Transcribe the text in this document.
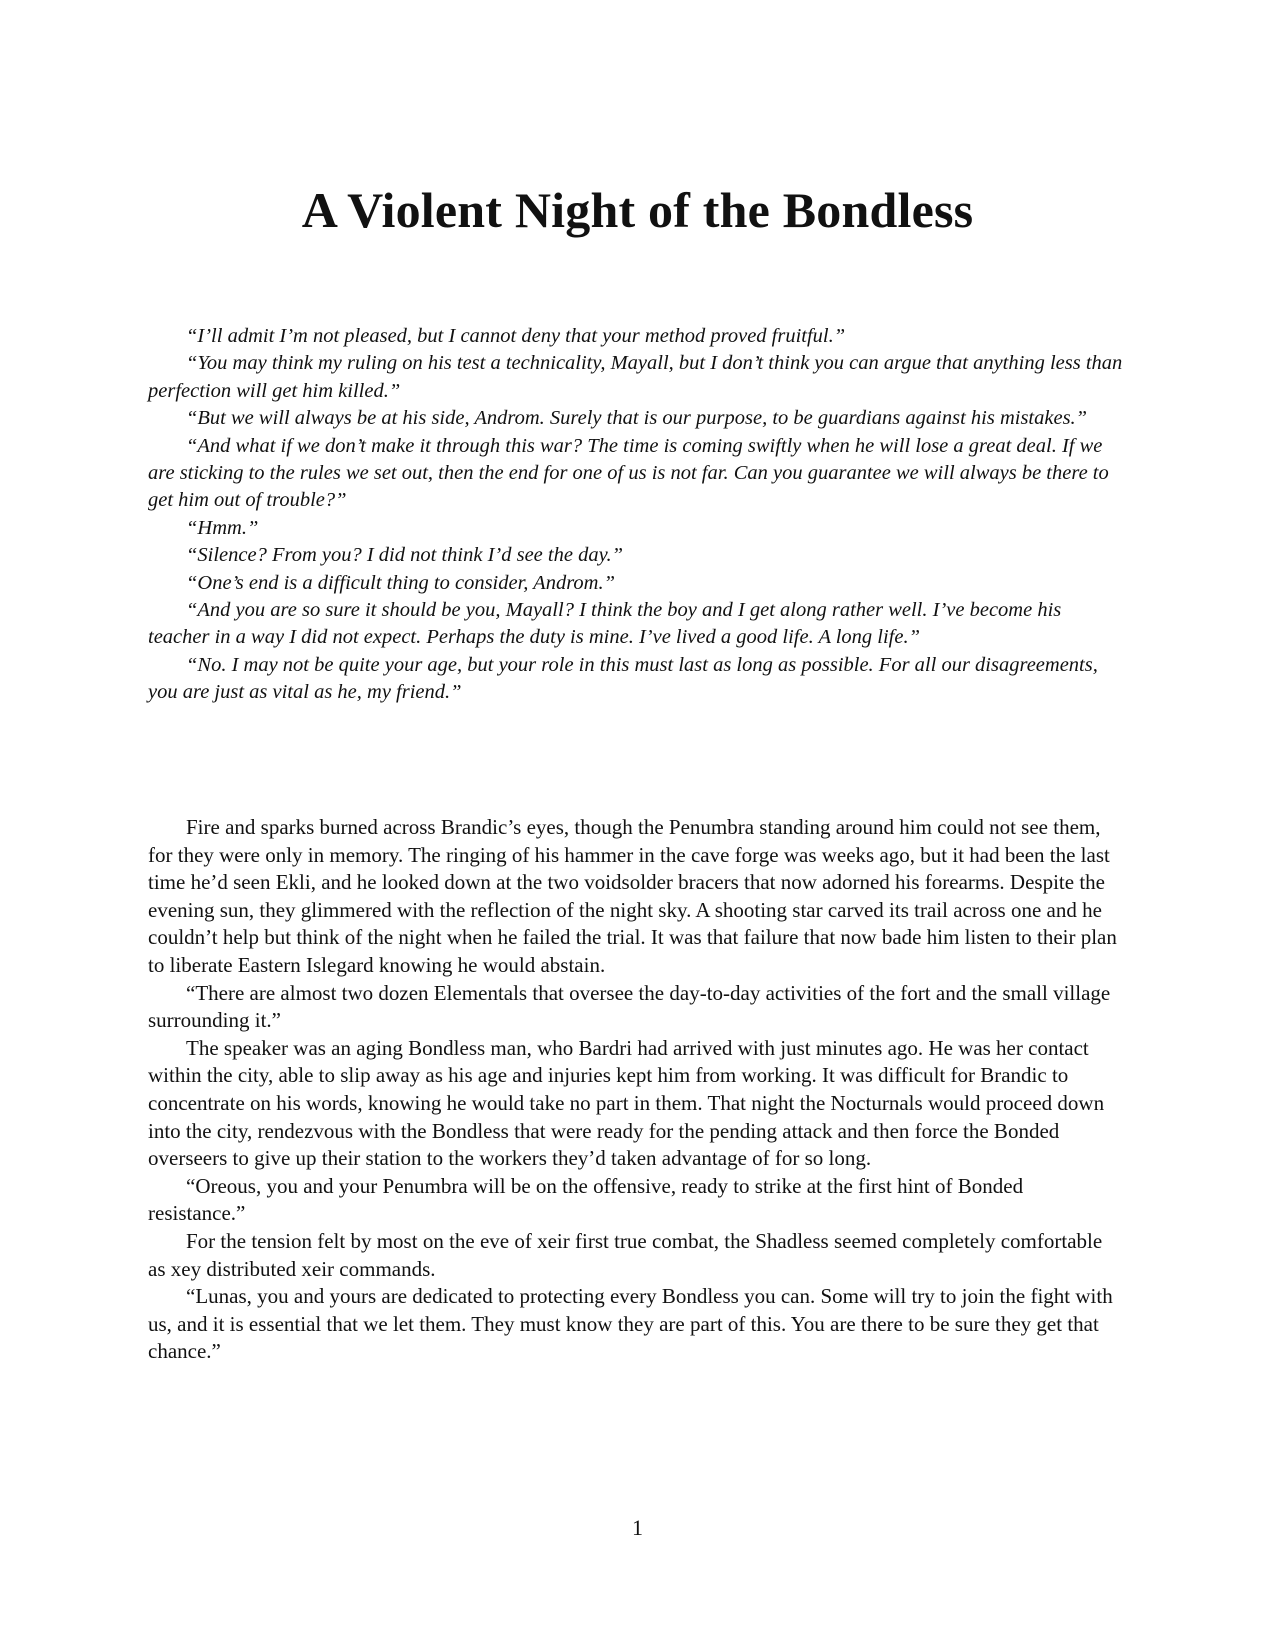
A Violent Night of the Bondless

“I’ll admit I’m not pleased, but I cannot deny that your method proved fruitful.”

“You may think my ruling on his test a technicality, Mayall, but I don’t think you can argue that anything less than perfection will get him killed.”

“But we will always be at his side, Androm. Surely that is our purpose, to be guardians against his mistakes.”

“And what if we don’t make it through this war? The time is coming swiftly when he will lose a great deal. If we are sticking to the rules we set out, then the end for one of us is not far. Can you guarantee we will always be there to get him out of trouble?”

“Hmm.”

“Silence? From you? I did not think I’d see the day.”

“One’s end is a difficult thing to consider, Androm.”

“And you are so sure it should be you, Mayall? I think the boy and I get along rather well. I’ve become his teacher in a way I did not expect. Perhaps the duty is mine. I’ve lived a good life. A long life.”

“No. I may not be quite your age, but your role in this must last as long as possible. For all our disagreements, you are just as vital as he, my friend.”

Fire and sparks burned across Brandic’s eyes, though the Penumbra standing around him could not see them, for they were only in memory. The ringing of his hammer in the cave forge was weeks ago, but it had been the last time he’d seen Ekli, and he looked down at the two voidsolder bracers that now adorned his forearms. Despite the evening sun, they glimmered with the reflection of the night sky. A shooting star carved its trail across one and he couldn’t help but think of the night when he failed the trial. It was that failure that now bade him listen to their plan to liberate Eastern Islegard knowing he would abstain.

“There are almost two dozen Elementals that oversee the day-to-day activities of the fort and the small village surrounding it.”

The speaker was an aging Bondless man, who Bardri had arrived with just minutes ago. He was her contact within the city, able to slip away as his age and injuries kept him from working. It was difficult for Brandic to concentrate on his words, knowing he would take no part in them. That night the Nocturnals would proceed down into the city, rendezvous with the Bondless that were ready for the pending attack and then force the Bonded overseers to give up their station to the workers they’d taken advantage of for so long.

“Oreous, you and your Penumbra will be on the offensive, ready to strike at the first hint of Bonded resistance.”

For the tension felt by most on the eve of xeir first true combat, the Shadless seemed completely comfortable as xey distributed xeir commands.

“Lunas, you and yours are dedicated to protecting every Bondless you can. Some will try to join the fight with us, and it is essential that we let them. They must know they are part of this. You are there to be sure they get that chance.”

1
